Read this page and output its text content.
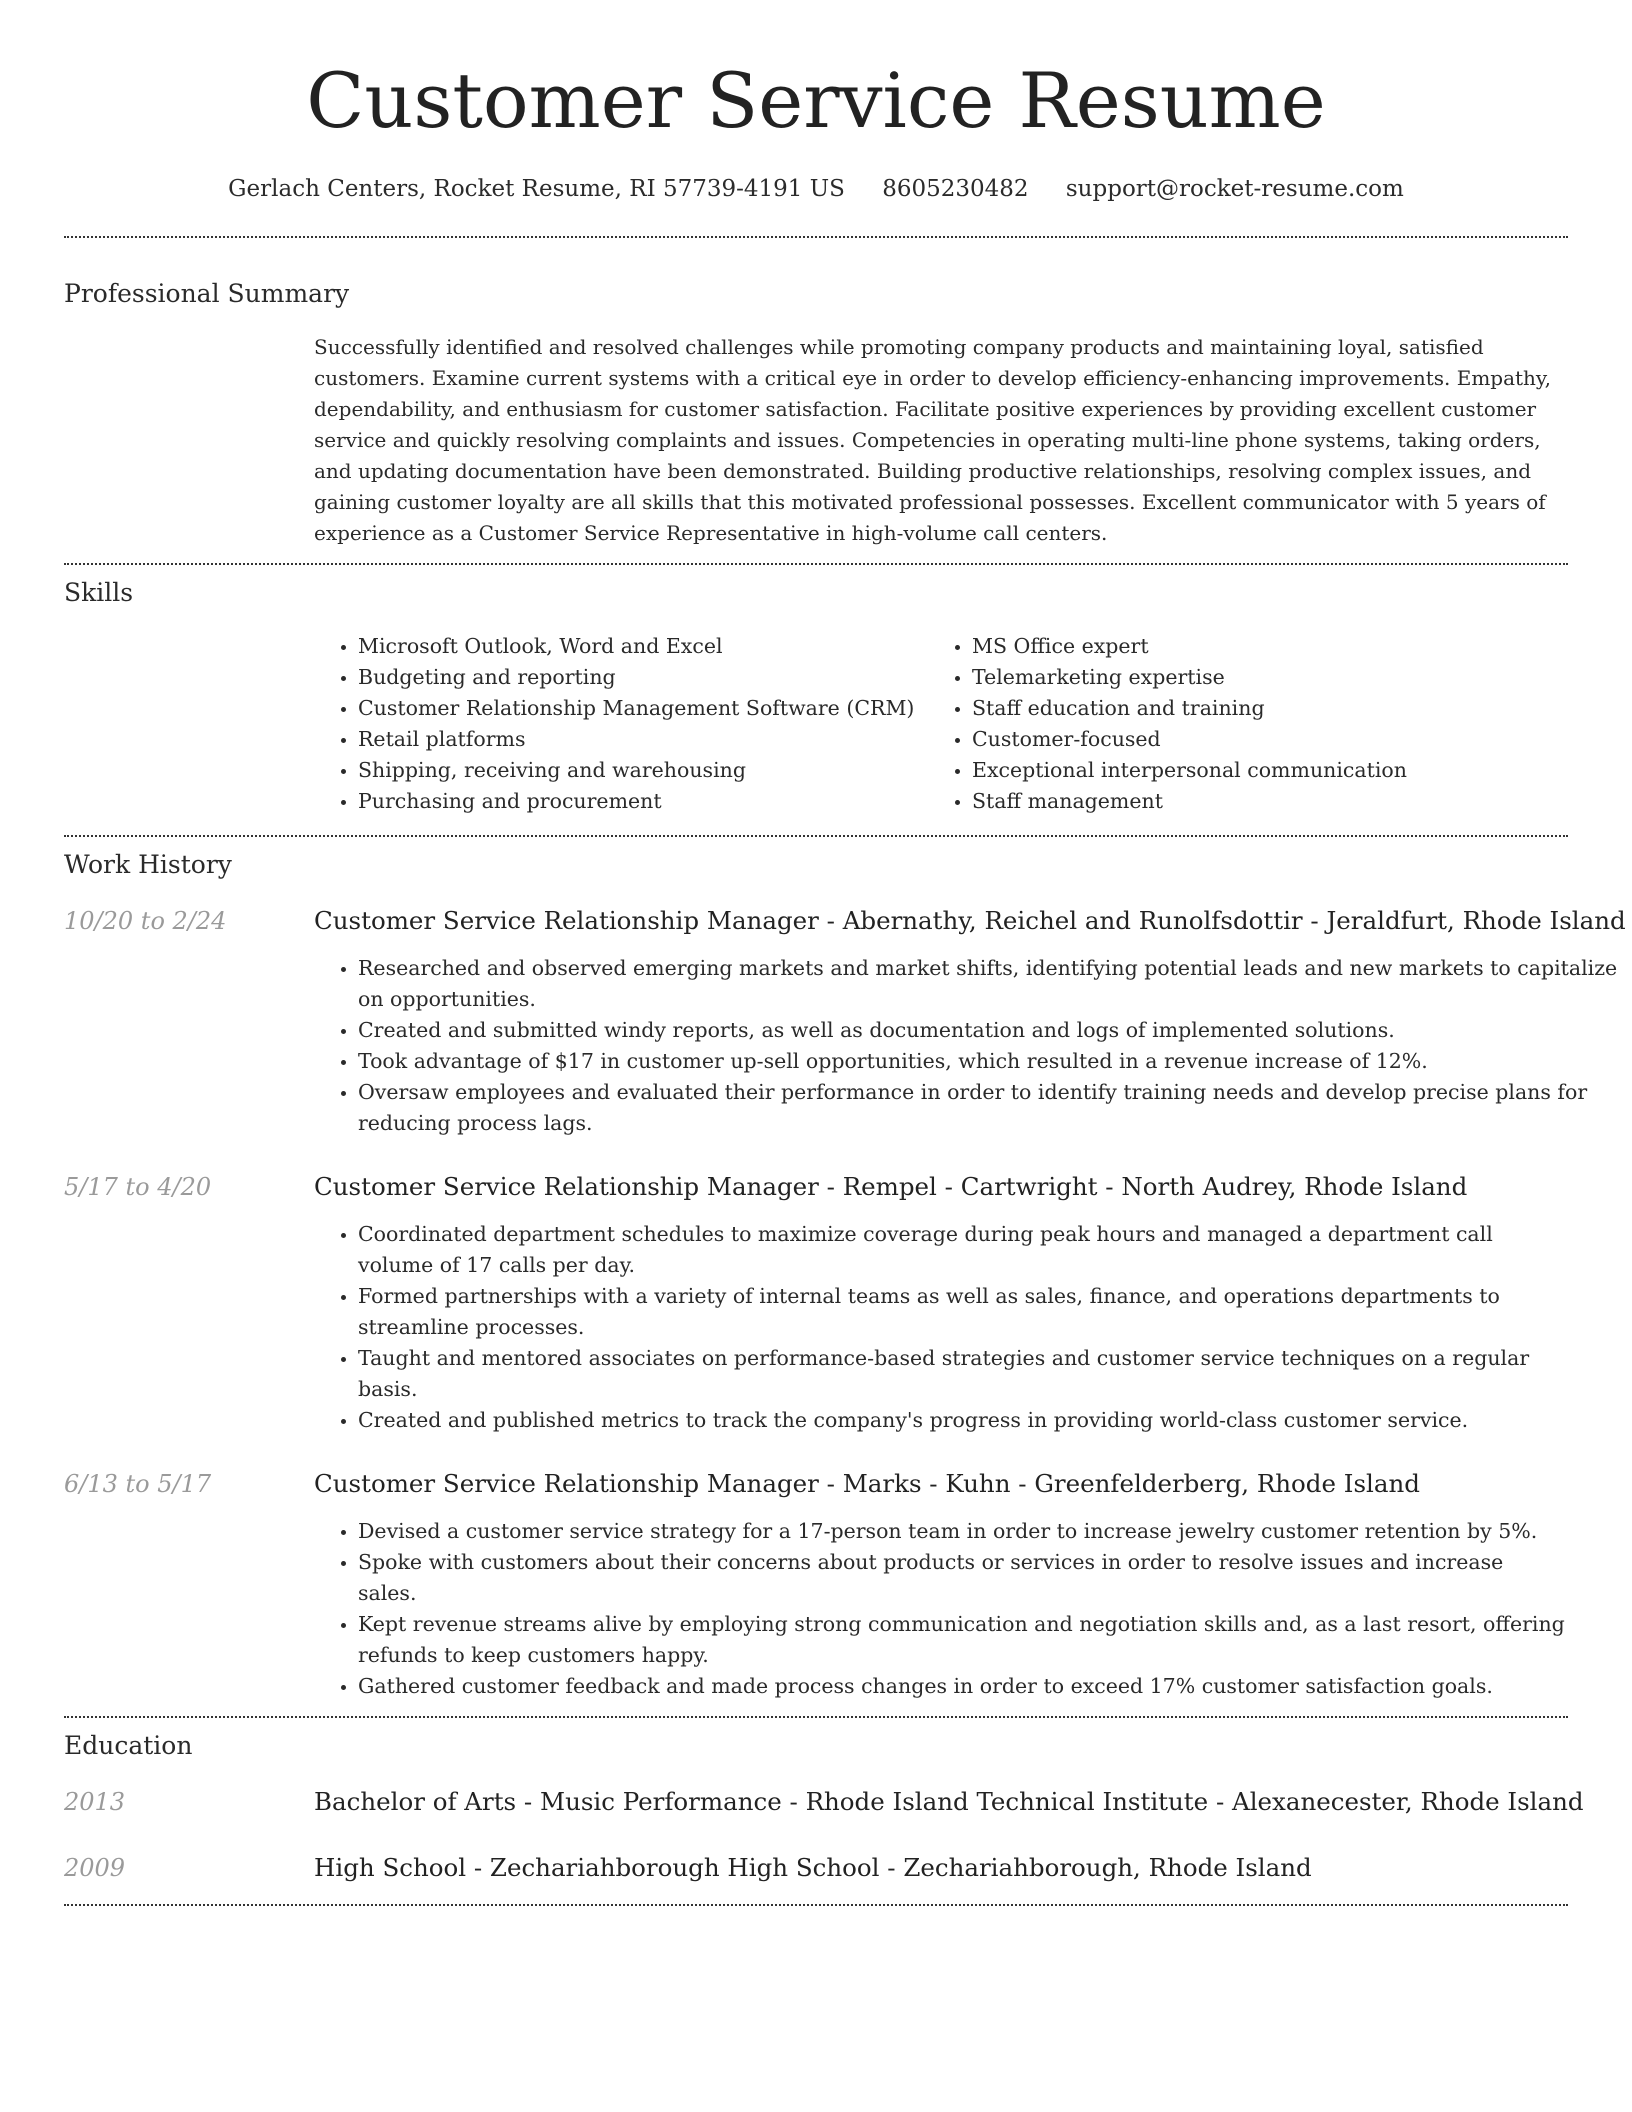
Customer Service Resume
Gerlach Centers, Rocket Resume, RI 57739-4191 US 8605230482 support@rocket-resume.com
Professional Summary

Successfully identified and resolved challenges while promoting company products and maintaining loyal, satisfied customers. Examine current systems with a critical eye in order to develop efficiency-enhancing improvements. Empathy, dependability, and enthusiasm for customer satisfaction. Facilitate positive experiences by providing excellent customer service and quickly resolving complaints and issues. Competencies in operating multi-line phone systems, taking orders, and updating documentation have been demonstrated. Building productive relationships, resolving complex issues, and gaining customer loyalty are all skills that this motivated professional possesses. Excellent communicator with 5 years of experience as a Customer Service Representative in high-volume call centers.

Skills
• Microsoft Outlook, Word and Excel
• Budgeting and reporting
• Customer Relationship Management Software (CRM)
• Retail platforms
• Shipping, receiving and warehousing
• Purchasing and procurement
• MS Office expert
• Telemarketing expertise
• Staff education and training
• Customer-focused
• Exceptional interpersonal communication
• Staff management
Work History
10/20 to 2/24	Customer Service Relationship Manager - Abernathy, Reichel and Runolfsdottir - Jeraldfurt, Rhode Island
• Researched and observed emerging markets and market shifts, identifying potential leads and new markets to capitalize on opportunities.
• Created and submitted windy reports, as well as documentation and logs of implemented solutions.
• Took advantage of $17 in customer up-sell opportunities, which resulted in a revenue increase of 12%.
• Oversaw employees and evaluated their performance in order to identify training needs and develop precise plans for reducing process lags.
5/17 to 4/20	Customer Service Relationship Manager - Rempel - Cartwright - North Audrey, Rhode Island
• Coordinated department schedules to maximize coverage during peak hours and managed a department call volume of 17 calls per day.
• Formed partnerships with a variety of internal teams as well as sales, finance, and operations departments to streamline processes.
• Taught and mentored associates on performance-based strategies and customer service techniques on a regular basis.
• Created and published metrics to track the company's progress in providing world-class customer service.
6/13 to 5/17	Customer Service Relationship Manager - Marks - Kuhn - Greenfelderberg, Rhode Island
• Devised a customer service strategy for a 17-person team in order to increase jewelry customer retention by 5%.
• Spoke with customers about their concerns about products or services in order to resolve issues and increase sales.
• Kept revenue streams alive by employing strong communication and negotiation skills and, as a last resort, offering refunds to keep customers happy.
• Gathered customer feedback and made process changes in order to exceed 17% customer satisfaction goals.
Education
2013	Bachelor of Arts - Music Performance - Rhode Island Technical Institute - Alexanecester, Rhode Island
2009	High School - Zechariahborough High School - Zechariahborough, Rhode Island
